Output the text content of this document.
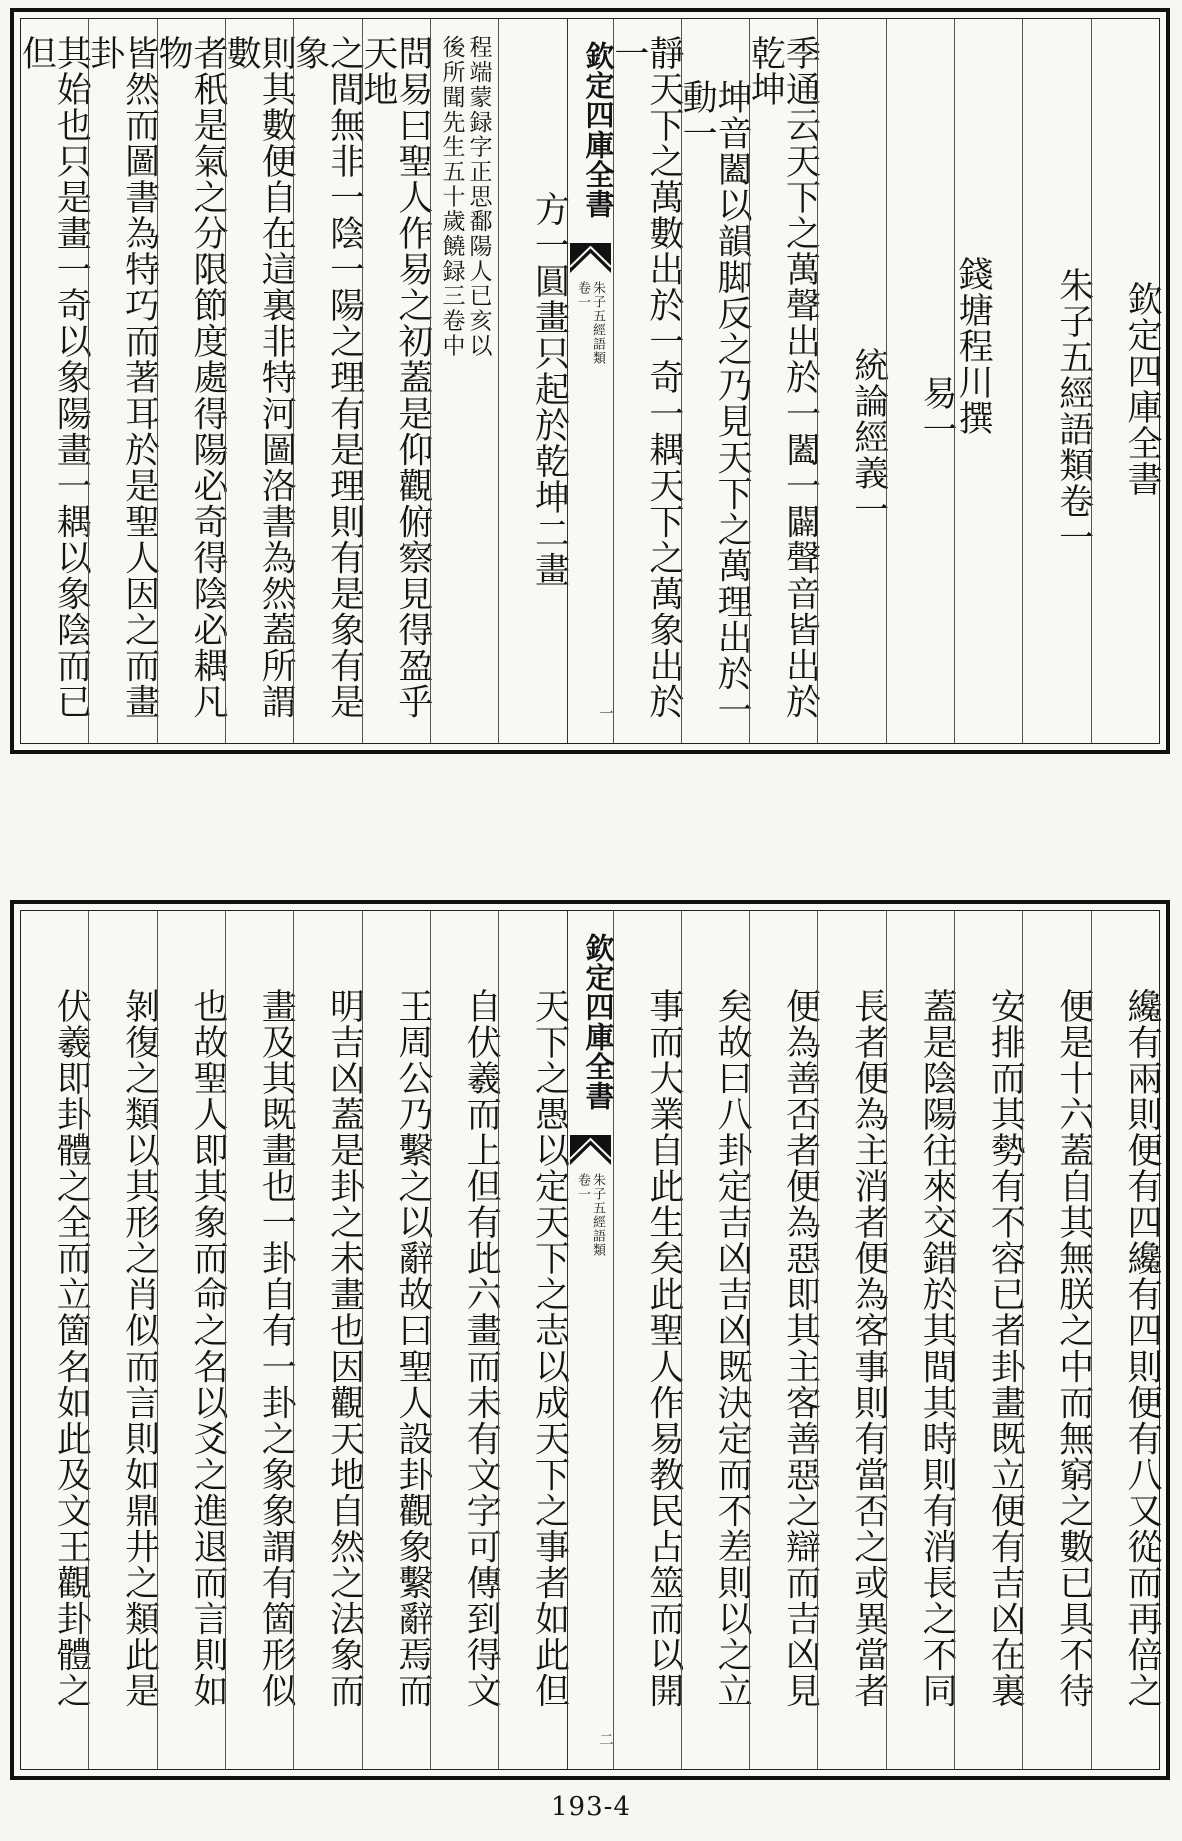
欽定四庫全書
朱子五經語類卷一
錢塘程川撰
易一
統論經義一
季通云天下之萬聲出於一闔一闢聲音皆出於乾坤
坤音闔以韻脚反之乃見天下之萬理出於一動一
靜天下之萬數出於一奇一耦天下之萬象出於一
欽定四庫全書
朱子五經語類
卷一
一
方一圓畫只起於乾坤二畫
程端蒙録字正思鄱陽人已亥以
後所聞先生五十歲饒録三卷中
問易曰聖人作易之初蓋是仰觀俯察見得盈乎天地
之間無非一陰一陽之理有是理則有是象有是象
則其數便自在這裏非特河圖洛書為然蓋所謂數
者秖是氣之分限節度處得陽必奇得陰必耦凡物
皆然而圖書為特巧而著耳於是聖人因之而畫卦
其始也只是畫一奇以象陽畫一耦以象陰而已但
纔有兩則便有四纔有四則便有八又從而再倍之
便是十六蓋自其無朕之中而無窮之數已具不待
安排而其勢有不容已者卦畫既立便有吉凶在裏
蓋是陰陽往來交錯於其間其時則有消長之不同
長者便為主消者便為客事則有當否之或異當者
便為善否者便為惡即其主客善惡之辯而吉凶見
矣故曰八卦定吉凶吉凶既決定而不差則以之立
事而大業自此生矣此聖人作易教民占筮而以開
欽定四庫全書
朱子五經語類
卷一
二
天下之愚以定天下之志以成天下之事者如此但
自伏羲而上但有此六畫而未有文字可傳到得文
王周公乃繫之以辭故曰聖人設卦觀象繫辭焉而
明吉凶蓋是卦之未畫也因觀天地自然之法象而
畫及其既畫也一卦自有一卦之象象謂有箇形似
也故聖人即其象而命之名以爻之進退而言則如
剝復之類以其形之肖似而言則如鼎井之類此是
伏羲即卦體之全而立箇名如此及文王觀卦體之
193-4
